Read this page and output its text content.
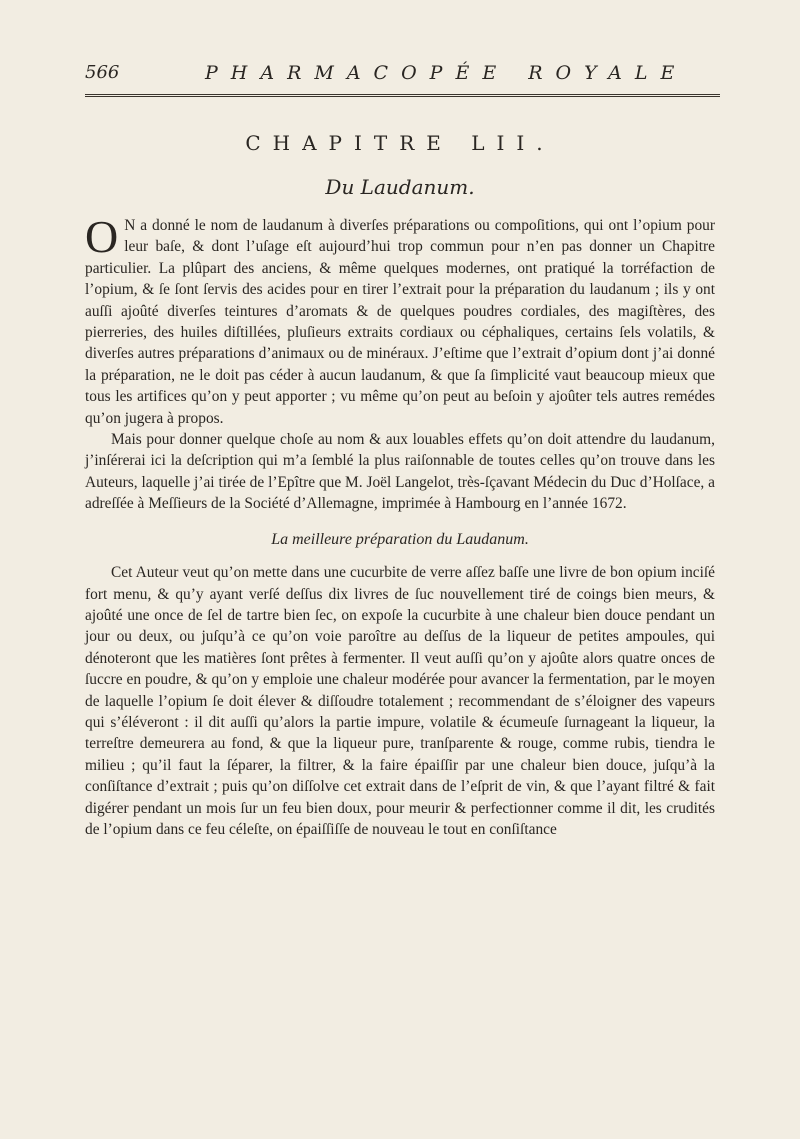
566	PHARMACOPÉE ROYALE
CHAPITRE LII.
Du Laudanum.

O N a donné le nom de laudanum à diverſes préparations ou compoſitions, qui ont l’opium pour leur baſe, & dont l’uſage eſt aujourd’hui trop commun pour n’en pas donner un Chapitre particulier. La plûpart des anciens, & même quelques modernes, ont pratiqué la torréfaction de l’opium, & ſe ſont ſervis des acides pour en tirer l’extrait pour la préparation du laudanum ; ils y ont auſſi ajoûté diverſes teintures d’aromats & de quelques poudres cordiales, des magiſtères, des pierreries, des huiles diſtillées, pluſieurs extraits cordiaux ou céphaliques, certains ſels volatils, & diverſes autres préparations d’animaux ou de minéraux. J’eſtime que l’extrait d’opium dont j’ai donné la préparation, ne le doit pas céder à aucun laudanum, & que ſa ſimplicité vaut beaucoup mieux que tous les artifices qu’on y peut apporter ; vu même qu’on peut au beſoin y ajoûter tels autres remédes qu’on jugera à propos.

Mais pour donner quelque choſe au nom & aux louables effets qu’on doit attendre du laudanum, j’inſérerai ici la deſcription qui m’a ſemblé la plus raiſonnable de toutes celles qu’on trouve dans les Auteurs, laquelle j’ai tirée de l’Epître que M. Joël Langelot, très-ſçavant Médecin du Duc d’Holſace, a adreſſée à Meſſieurs de la Société d’Allemagne, imprimée à Hambourg en l’année 1672.

La meilleure préparation du Laudanum.

Cet Auteur veut qu’on mette dans une cucurbite de verre aſſez baſſe une livre de bon opium inciſé fort menu, & qu’y ayant verſé deſſus dix livres de ſuc nouvellement tiré de coings bien meurs, & ajoûté une once de ſel de tartre bien ſec, on expoſe la cucurbite à une chaleur bien douce pendant un jour ou deux, ou juſqu’à ce qu’on voie paroître au deſſus de la liqueur de petites ampoules, qui dénoteront que les matières ſont prêtes à fermenter. Il veut auſſi qu’on y ajoûte alors quatre onces de ſuccre en poudre, & qu’on y emploie une chaleur modérée pour avancer la fermentation, par le moyen de laquelle l’opium ſe doit élever & diſſoudre totalement ; recommendant de s’éloigner des vapeurs qui s’éléveront : il dit auſſi qu’alors la partie impure, volatile & écumeuſe ſurnageant la liqueur, la terreſtre demeurera au fond, & que la liqueur pure, tranſparente & rouge, comme rubis, tiendra le milieu ; qu’il faut la ſéparer, la filtrer, & la faire épaiſſir par une chaleur bien douce, juſqu’à la conſiſtance d’extrait ; puis qu’on diſſolve cet extrait dans de l’eſprit de vin, & que l’ayant filtré & fait digérer pendant un mois ſur un feu bien doux, pour meurir & perfectionner comme il dit, les crudités de l’opium dans ce feu céleſte, on épaiſſiſſe de nouveau le tout en conſiſtance
